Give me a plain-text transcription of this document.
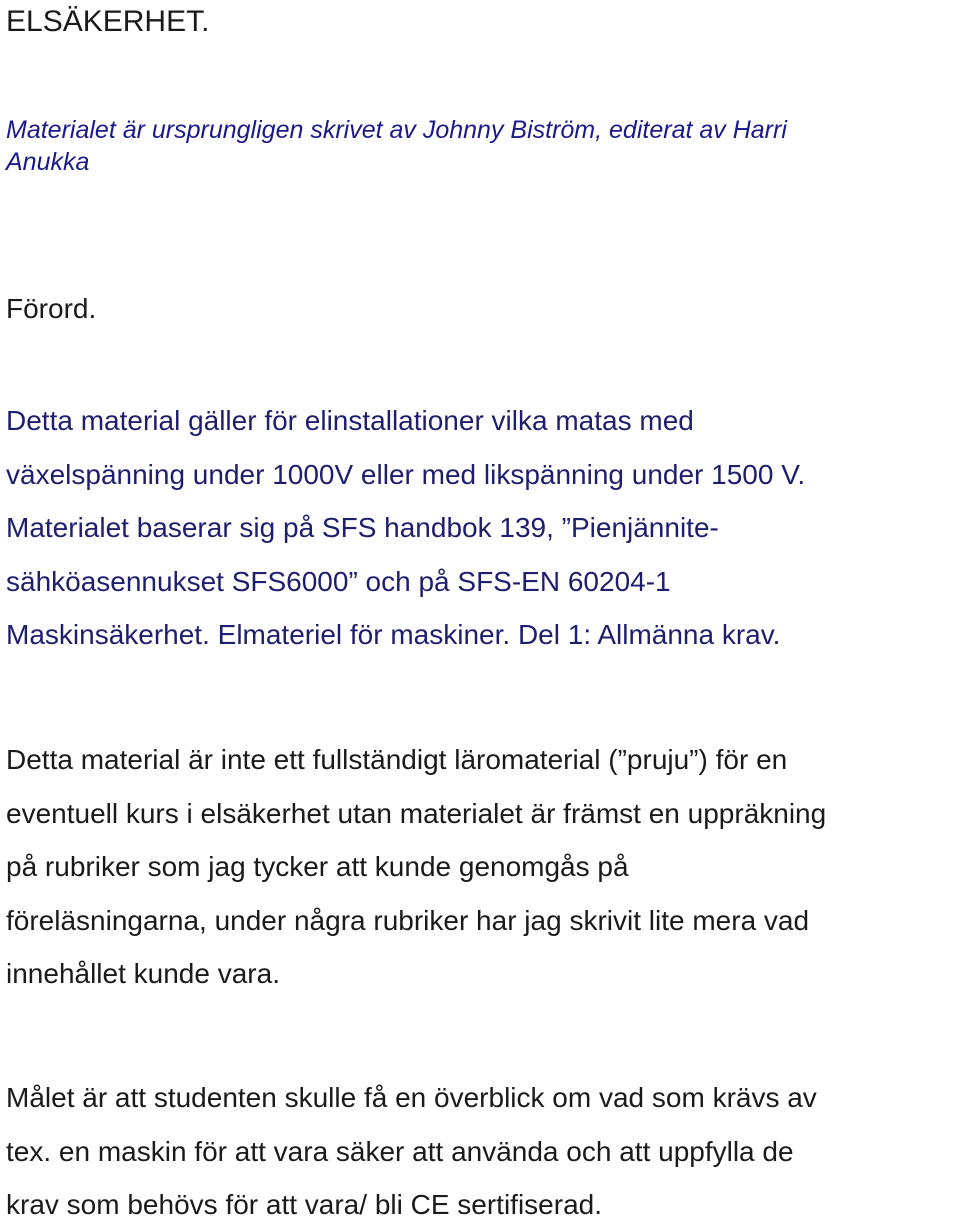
ELSÄKERHET.
Materialet är ursprungligen skrivet av Johnny Biström, editerat av Harri
Anukka
Förord.
Detta material gäller för elinstallationer vilka matas med
växelspänning under 1000V eller med likspänning under 1500 V.
Materialet baserar sig på SFS handbok 139, ”Pienjännite-
sähköasennukset SFS6000” och på SFS-EN 60204-1
Maskinsäkerhet. Elmateriel för maskiner. Del 1: Allmänna krav.
Detta material är inte ett fullständigt läromaterial (”pruju”) för en
eventuell kurs i elsäkerhet utan materialet är främst en uppräkning
på rubriker som jag tycker att kunde genomgås på
föreläsningarna, under några rubriker har jag skrivit lite mera vad
innehållet kunde vara.
Målet är att studenten skulle få en överblick om vad som krävs av
tex. en maskin för att vara säker att använda och att uppfylla de
krav som behövs för att vara/ bli CE sertifiserad.
